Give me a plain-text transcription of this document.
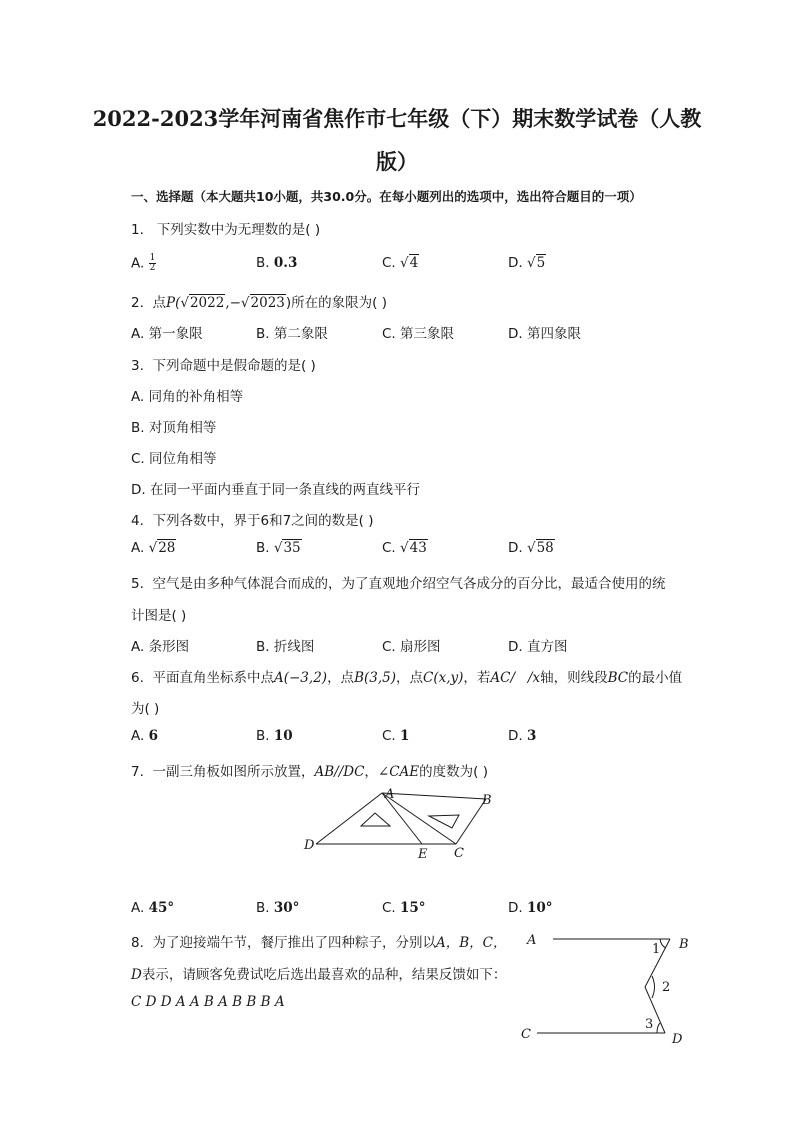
2022-2023学年河南省焦作市七年级（下）期末数学试卷（人教
版）
一、选择题（本大题共10小题，共30.0分。在每小题列出的选项中，选出符合题目的一项）
1. 下列实数中为无理数的是( )
A. $\frac{1}{2}$	B. 0.3	C. √4	D. √5
2. 点P(√2022,−√2023)所在的象限为( )
A. 第一象限	B. 第二象限	C. 第三象限	D. 第四象限
3. 下列命题中是假命题的是( )
A. 同角的补角相等
B. 对顶角相等
C. 同位角相等
D. 在同一平面内垂直于同一条直线的两直线平行
4. 下列各数中，界于6和7之间的数是( )
A. √28	B. √35	C. √43	D. √58
5. 空气是由多种气体混合而成的，为了直观地介绍空气各成分的百分比，最适合使用的统
计图是( )
A. 条形图	B. 折线图	C. 扇形图	D. 直方图
6. 平面直角坐标系中点A(−3,2)，点B(3,5)，点C(x,y)，若AC/   /x轴，则线段BC的最小值
为( )
A. 6	B. 10	C. 1	D. 3
7. 一副三角板如图所示放置，AB//DC，∠CAE的度数为( )
A	B
C
D
E
A. 45°	B. 30°	C. 15°	D. 10°
8. 为了迎接端午节，餐厅推出了四种粽子，分别以A，B，C，
D表示，请顾客免费试吃后选出最喜欢的品种，结果反馈如下：
C D D A A B A B B B A
A	B
C	D
1
2
3
